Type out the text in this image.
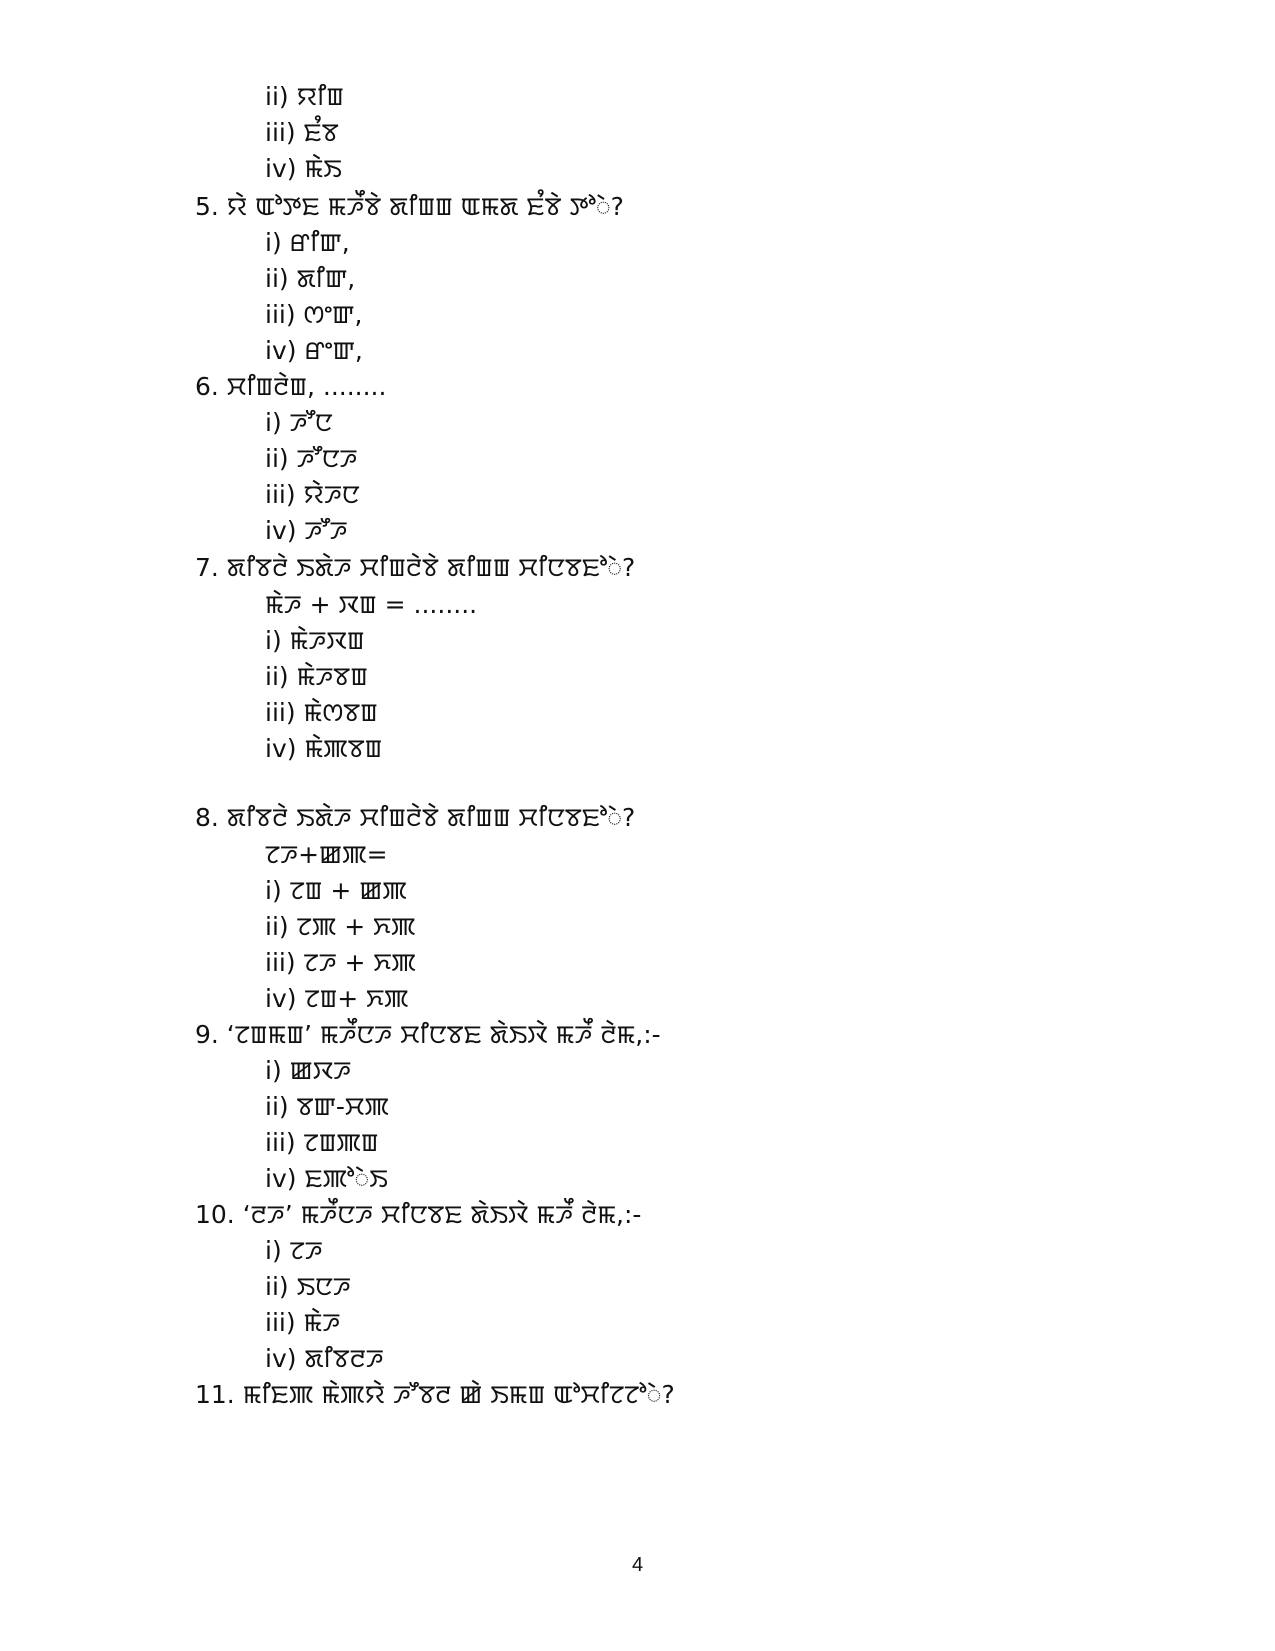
ii) ꯌꯤꯡ
iii) ꯐꯪꯕ
iv) ꯃꯥꯏ
5. ꯌꯥ ꯑꯣꯇꯐ ꯃꯍꯩꯕꯥ ꯗꯤꯡꯡ ꯑꯃꯗ ꯐꯪꯕꯥ ꯇꯣꯥ?
i) ꯔꯤꯛ,
ii) ꯗꯤꯛ,
iii) ꯁꯦꯛ,
iv) ꯔꯦꯛ,
6. ꯆꯤꯡꯂꯥꯡ, ........
i) ꯍꯧꯅ
ii) ꯍꯧꯅꯍ
iii) ꯌꯥꯍꯅ
iv) ꯍꯧꯍ
7. ꯗꯤꯕꯂꯥ ꯏꯗꯥꯍ ꯆꯤꯡꯂꯥꯕꯥ ꯗꯤꯡꯡ ꯆꯤꯅꯕꯐꯣꯥ?
ꯃꯥꯍ + ꯋꯡ = ........
i) ꯃꯥꯍꯋꯡ
ii) ꯃꯥꯍꯕꯡ
iii) ꯃꯥꯁꯕꯡ
iv) ꯃꯥꯄꯕꯡ
8. ꯗꯤꯕꯂꯥ ꯏꯗꯥꯍ ꯆꯤꯡꯂꯥꯕꯥ ꯗꯤꯡꯡ ꯆꯤꯅꯕꯐꯣꯥ?
ꯖꯍ+ꯀꯄ=
i) ꯖꯡ + ꯀꯄ
ii) ꯖꯄ + ꯈꯄ
iii) ꯖꯍ + ꯈꯄ
iv) ꯖꯡ+ ꯈꯄ
9. ‘ꯖꯡꯃꯡ’ ꯃꯍꯩꯅꯍ ꯆꯤꯅꯕꯐ ꯗꯥꯏꯋꯥ ꯃꯍꯩ ꯂꯥꯃ,:-
i) ꯀꯋꯍ
ii) ꯕꯛ-ꯆꯄ
iii) ꯖꯡꯄꯡ
iv) ꯐꯄꯣꯥꯏ
10. ‘ꯂꯍ’ ꯃꯍꯩꯅꯍ ꯆꯤꯅꯕꯐ ꯗꯥꯏꯋꯥ ꯃꯍꯩ ꯂꯥꯃ,:-
i) ꯖꯍ
ii) ꯏꯅꯍ
iii) ꯃꯥꯍ
iv) ꯗꯤꯕꯂꯍ
11. ꯃꯤꯐꯄ ꯃꯥꯄꯌꯥ ꯍꯧꯕꯂ ꯀꯥ ꯏꯃꯡ ꯑꯣꯆꯤꯖꯖꯣꯥ?
4
